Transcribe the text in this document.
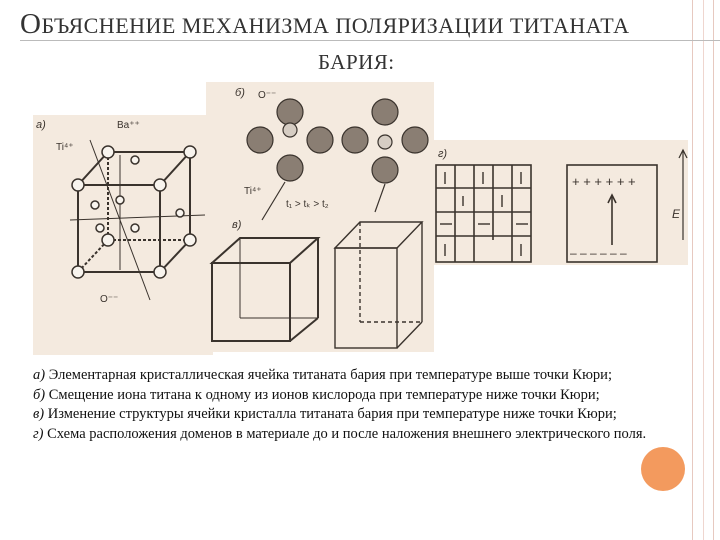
ОБЪЯСНЕНИЕ МЕХАНИЗМА ПОЛЯРИЗАЦИИ ТИТАНАТА
БАРИЯ:
а)
б)
в)
г)
Ba⁺⁺
Ti⁴⁺
O⁻⁻
O⁻⁻
Ti⁴⁺
t₁ > tₖ > t₂
E
+ + + + + +
– – – – – –

а) Элементарная кристаллическая ячейка титаната бария при температуре выше точки Кюри;

б) Смещение иона титана к одному из ионов кислорода при температуре ниже точки Кюри;

в) Изменение структуры ячейки кристалла титаната бария при температуре ниже точки Кюри;

г) Схема расположения доменов в материале до и после наложения внешнего электрического поля.
